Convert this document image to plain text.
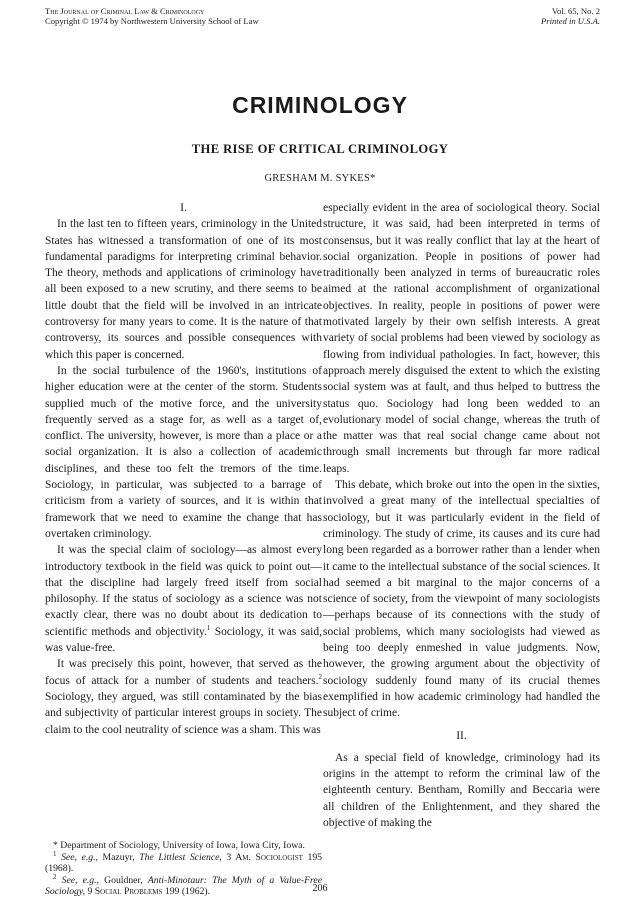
The Journal of Criminal Law & Criminology
Copyright © 1974 by Northwestern University School of Law
Vol. 65, No. 2
Printed in U.S.A.
CRIMINOLOGY
THE RISE OF CRITICAL CRIMINOLOGY
GRESHAM M. SYKES*
I.

In the last ten to fifteen years, criminology in the United States has witnessed a transformation of one of its most fundamental paradigms for interpreting criminal behavior. The theory, methods and applications of criminology have all been exposed to a new scrutiny, and there seems to be little doubt that the field will be involved in an intricate controversy for many years to come. It is the nature of that controversy, its sources and possible consequences with which this paper is concerned.

In the social turbulence of the 1960's, institutions of higher education were at the center of the storm. Students supplied much of the motive force, and the university frequently served as a stage for, as well as a target of, conflict. The university, however, is more than a place or a social organization. It is also a collection of academic disciplines, and these too felt the tremors of the time. Sociology, in particular, was subjected to a barrage of criticism from a variety of sources, and it is within that framework that we need to examine the change that has overtaken criminology.

It was the special claim of sociology—as almost every introductory textbook in the field was quick to point out—that the discipline had largely freed itself from social philosophy. If the status of sociology as a science was not exactly clear, there was no doubt about its dedication to scientific methods and objectivity.$^1$ Sociology, it was said, was value-free.

It was precisely this point, however, that served as the focus of attack for a number of students and teachers.$^2$ Sociology, they argued, was still contaminated by the bias and subjectivity of particular interest groups in society. The claim to the cool neutrality of science was a sham. This was

especially evident in the area of sociological theory. Social structure, it was said, had been interpreted in terms of consensus, but it was really conflict that lay at the heart of social organization. People in positions of power had traditionally been analyzed in terms of bureaucratic roles aimed at the rational accomplishment of organizational objectives. In reality, people in positions of power were motivated largely by their own selfish interests. A great variety of social problems had been viewed by sociology as flowing from individual pathologies. In fact, however, this approach merely disguised the extent to which the existing social system was at fault, and thus helped to buttress the status quo. Sociology had long been wedded to an evolutionary model of social change, whereas the truth of the matter was that real social change came about not through small increments but through far more radical leaps.

This debate, which broke out into the open in the sixties, involved a great many of the intellectual specialties of sociology, but it was particularly evident in the field of criminology. The study of crime, its causes and its cure had long been regarded as a borrower rather than a lender when it came to the intellectual substance of the social sciences. It had seemed a bit marginal to the major concerns of a science of society, from the viewpoint of many sociologists—perhaps because of its connections with the study of social problems, which many sociologists had viewed as being too deeply enmeshed in value judgments. Now, however, the growing argument about the objectivity of sociology suddenly found many of its crucial themes exemplified in how academic criminology had handled the subject of crime.

II.

As a special field of knowledge, criminology had its origins in the attempt to reform the criminal law of the eighteenth century. Bentham, Romilly and Beccaria were all children of the Enlightenment, and they shared the objective of making the

* Department of Sociology, University of Iowa, Iowa City, Iowa.

$^1$ See, e.g., Mazuyr, The Littlest Science, 3 Am. Sociologist 195 (1968).

$^2$ See, e.g., Gouldner, Anti-Minotaur: The Myth of a Value-Free Sociology, 9 Social Problems 199 (1962).	206
